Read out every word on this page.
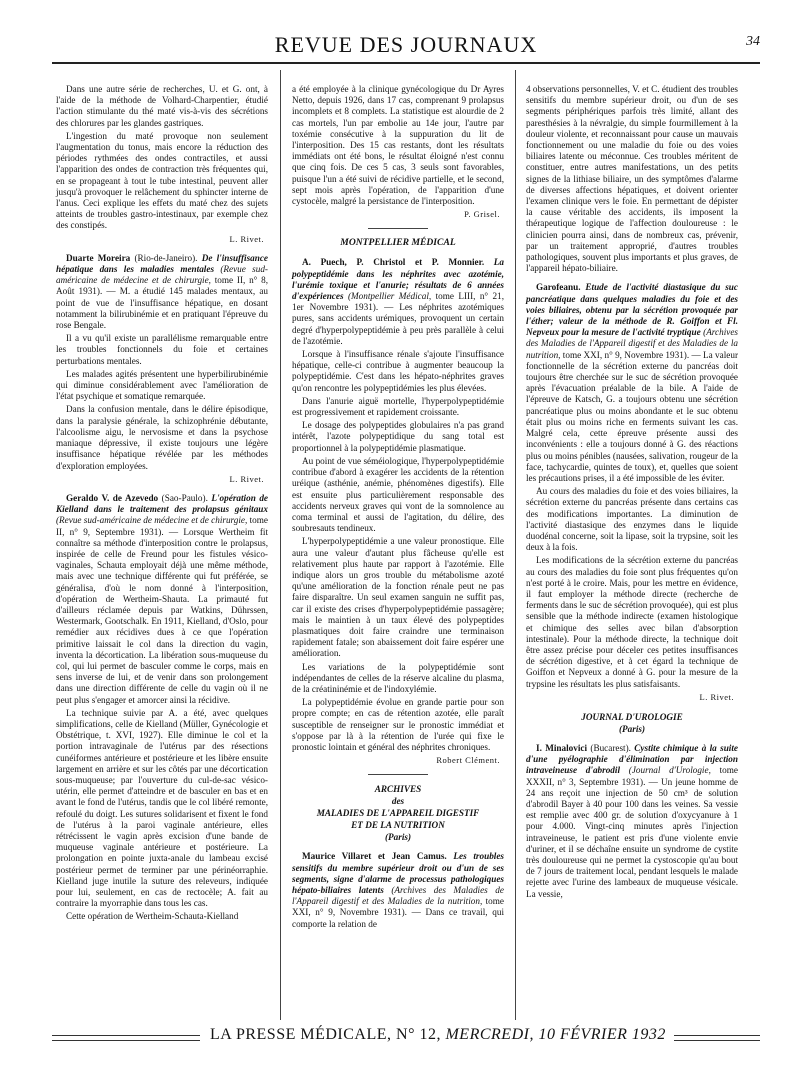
REVUE DES JOURNAUX	34

Dans une autre série de recherches, U. et G. ont, à l'aide de la méthode de Volhard-Charpentier, étudié l'action stimulante du thé maté vis-à-vis des sécrétions des chlorures par les glandes gastriques.

L'ingestion du maté provoque non seulement l'augmentation du tonus, mais encore la réduction des périodes rythmées des ondes contractiles, et aussi l'apparition des ondes de contraction très fréquentes qui, en se propageant à tout le tube intestinal, peuvent aller jusqu'à provoquer le relâchement du sphincter interne de l'anus. Ceci explique les effets du maté chez des sujets atteints de troubles gastro-intestinaux, par exemple chez des constipés.

L. Rivet.

Duarte Moreira (Rio-de-Janeiro). De l'insuffisance hépatique dans les maladies mentales (Revue sud-américaine de médecine et de chirurgie, tome II, n° 8, Août 1931). — M. a étudié 145 malades mentaux, au point de vue de l'insuffisance hépatique, en dosant notamment la bilirubinémie et en pratiquant l'épreuve du rose Bengale.

Il a vu qu'il existe un parallélisme remarquable entre les troubles fonctionnels du foie et certaines perturbations mentales.

Les malades agités présentent une hyperbilirubinémie qui diminue considérablement avec l'amélioration de l'état psychique et somatique remarquée.

Dans la confusion mentale, dans le délire épisodique, dans la paralysie générale, la schizophrénie débutante, l'alcoolisme aigu, le nervosisme et dans la psychose maniaque dépressive, il existe toujours une légère insuffisance hépatique révélée par les méthodes d'exploration employées.

L. Rivet.

Geraldo V. de Azevedo (Sao-Paulo). L'opération de Kielland dans le traitement des prolapsus génitaux (Revue sud-américaine de médecine et de chirurgie, tome II, n° 9, Septembre 1931). — Lorsque Wertheim fit connaître sa méthode d'interposition contre le prolapsus, inspirée de celle de Freund pour les fistules vésico-vaginales, Schauta employait déjà une même méthode, mais avec une technique différente qui fut préférée, se généralisa, d'où le nom donné à l'interposition, d'opération de Wertheim-Shauta. La primauté fut d'ailleurs réclamée depuis par Watkins, Dührssen, Westermark, Gootschalk. En 1911, Kielland, d'Oslo, pour remédier aux récidives dues à ce que l'opération primitive laissait le col dans la direction du vagin, inventa la décortication. La libération sous-muqueuse du col, qui lui permet de basculer comme le corps, mais en sens inverse de lui, et de venir dans son prolongement dans une direction différente de celle du vagin où il ne peut plus s'engager et amorcer ainsi la récidive.

La technique suivie par A. a été, avec quelques simplifications, celle de Kielland (Müller, Gynécologie et Obstétrique, t. XVI, 1927). Elle diminue le col et la portion intravaginale de l'utérus par des résections cunéiformes antérieure et postérieure et les libère ensuite largement en arrière et sur les côtés par une décortication sous-muqueuse; par l'ouverture du cul-de-sac vésico-utérin, elle permet d'atteindre et de basculer en bas et en avant le fond de l'utérus, tandis que le col libéré remonte, refoulé du doigt. Les sutures solidarisent et fixent le fond de l'utérus à la paroi vaginale antérieure, elles rétrécissent le vagin après excision d'une bande de muqueuse vaginale antérieure et postérieure. La prolongation en pointe juxta-anale du lambeau excisé postérieur permet de terminer par une périnéorraphie. Kielland juge inutile la suture des releveurs, indiquée pour lui, seulement, en cas de rectocèle; A. fait au contraire la myorraphie dans tous les cas.

Cette opération de Wertheim-Schauta-Kielland

a été employée à la clinique gynécologique du Dr Ayres Netto, depuis 1926, dans 17 cas, comprenant 9 prolapsus incomplets et 8 complets. La statistique est alourdie de 2 cas mortels, l'un par embolie au 14e jour, l'autre par toxémie consécutive à la suppuration du lit de l'interposition. Des 15 cas restants, dont les résultats immédiats ont été bons, le résultat éloigné n'est connu que cinq fois. De ces 5 cas, 3 seuls sont favorables, puisque l'un a été suivi de récidive partielle, et le second, sept mois après l'opération, de l'apparition d'une cystocèle, malgré la persistance de l'interposition.

P. Grisel.
MONTPELLIER MÉDICAL

A. Puech, P. Christol et P. Monnier. La polypeptidémie dans les néphrites avec azotémie, l'urémie toxique et l'anurie; résultats de 6 années d'expériences (Montpellier Médical, tome LIII, n° 21, 1er Novembre 1931). — Les néphrites azotémiques pures, sans accidents urémiques, provoquent un certain degré d'hyperpolypeptidémie à peu près parallèle à celui de l'azotémie.

Lorsque à l'insuffisance rénale s'ajoute l'insuffisance hépatique, celle-ci contribue à augmenter beaucoup la polypeptidémie. C'est dans les hépato-néphrites graves qu'on rencontre les polypeptidémies les plus élevées.

Dans l'anurie aiguë mortelle, l'hyperpolypeptidémie est progressivement et rapidement croissante.

Le dosage des polypeptides globulaires n'a pas grand intérêt, l'azote polypeptidique du sang total est proportionnel à la polypeptidémie plasmatique.

Au point de vue séméiologique, l'hyperpolypeptidémie contribue d'abord à exagérer les accidents de la rétention uréique (asthénie, anémie, phénomènes digestifs). Elle est ensuite plus particulièrement responsable des accidents nerveux graves qui vont de la somnolence au coma terminal et aussi de l'agitation, du délire, des soubresauts tendineux.

L'hyperpolypeptidémie a une valeur pronostique. Elle aura une valeur d'autant plus fâcheuse qu'elle est relativement plus haute par rapport à l'azotémie. Elle indique alors un gros trouble du métabolisme azoté qu'une amélioration de la fonction rénale peut ne pas faire disparaître. Un seul examen sanguin ne suffit pas, car il existe des crises d'hyperpolypeptidémie passagère; mais le maintien à un taux élevé des polypeptides plasmatiques doit faire craindre une terminaison rapidement fatale; son abaissement doit faire espérer une amélioration.

Les variations de la polypeptidémie sont indépendantes de celles de la réserve alcaline du plasma, de la créatininémie et de l'indoxylémie.

La polypeptidémie évolue en grande partie pour son propre compte; en cas de rétention azotée, elle paraît susceptible de renseigner sur le pronostic immédiat et s'oppose par là à la rétention de l'urée qui fixe le pronostic lointain et général des néphrites chroniques.

Robert Clément.
ARCHIVES
des
MALADIES DE L'APPAREIL DIGESTIF
ET DE LA NUTRITION
(Paris)

Maurice Villaret et Jean Camus. Les troubles sensitifs du membre supérieur droit ou d'un de ses segments, signe d'alarme de processus pathologiques hépato-biliaires latents (Archives des Maladies de l'Appareil digestif et des Maladies de la nutrition, tome XXI, n° 9, Novembre 1931). — Dans ce travail, qui comporte la relation de

4 observations personnelles, V. et C. étudient des troubles sensitifs du membre supérieur droit, ou d'un de ses segments périphériques parfois très limité, allant des paresthésies à la névralgie, du simple fourmillement à la douleur violente, et reconnaissant pour cause un mauvais fonctionnement ou une maladie du foie ou des voies biliaires latente ou méconnue. Ces troubles méritent de constituer, entre autres manifestations, un des petits signes de la lithiase biliaire, un des symptômes d'alarme de diverses affections hépatiques, et doivent orienter l'examen clinique vers le foie. En permettant de dépister la cause véritable des accidents, ils imposent la thérapeutique logique de l'affection douloureuse : le clinicien pourra ainsi, dans de nombreux cas, prévenir, par un traitement approprié, d'autres troubles pathologiques, souvent plus importants et plus graves, de l'appareil hépato-biliaire.

Garofeanu. Etude de l'activité diastasique du suc pancréatique dans quelques maladies du foie et des voies biliaires, obtenu par la sécrétion provoquée par l'éther; valeur de la méthode de R. Goiffon et Fl. Nepveux pour la mesure de l'activité tryptique (Archives des Maladies de l'Appareil digestif et des Maladies de la nutrition, tome XXI, n° 9, Novembre 1931). — La valeur fonctionnelle de la sécrétion externe du pancréas doit toujours être cherchée sur le suc de sécrétion provoquée après l'évacuation préalable de la bile. A l'aide de l'épreuve de Katsch, G. a toujours obtenu une sécrétion pancréatique plus ou moins abondante et le suc obtenu était plus ou moins riche en ferments suivant les cas. Malgré cela, cette épreuve présente aussi des inconvénients : elle a toujours donné à G. des réactions plus ou moins pénibles (nausées, salivation, rougeur de la face, tachycardie, quintes de toux), et, quelles que soient les précautions prises, il a été impossible de les éviter.

Au cours des maladies du foie et des voies biliaires, la sécrétion externe du pancréas présente dans certains cas des modifications importantes. La diminution de l'activité diastasique des enzymes dans le liquide duodénal concerne, soit la lipase, soit la trypsine, soit les deux à la fois.

Les modifications de la sécrétion externe du pancréas au cours des maladies du foie sont plus fréquentes qu'on n'est porté à le croire. Mais, pour les mettre en évidence, il faut employer la méthode directe (recherche de ferments dans le suc de sécrétion provoquée), qui est plus sensible que la méthode indirecte (examen histologique et chimique des selles avec bilan d'absorption intestinale). Pour la méthode directe, la technique doit être assez précise pour déceler ces petites insuffisances de sécrétion digestive, et à cet égard la technique de Goiffon et Nepveux a donné à G. pour la mesure de la trypsine les résultats les plus satisfaisants.

L. Rivet.
JOURNAL D'UROLOGIE
(Paris)

I. Minalovici (Bucarest). Cystite chimique à la suite d'une pyélographie d'élimination par injection intraveineuse d'abrodil (Journal d'Urologie, tome XXXII, n° 3, Septembre 1931). — Un jeune homme de 24 ans reçoit une injection de 50 cm³ de solution d'abrodil Bayer à 40 pour 100 dans les veines. Sa vessie est remplie avec 400 gr. de solution d'oxycyanure à 1 pour 4.000. Vingt-cinq minutes après l'injection intraveineuse, le patient est pris d'une violente envie d'uriner, et il se déchaîne ensuite un syndrome de cystite très douloureuse qui ne permet la cystoscopie qu'au bout de 7 jours de traitement local, pendant lesquels le malade rejette avec l'urine des lambeaux de muqueuse vésicale. La vessie,

LA PRESSE MÉDICALE, N° 12, MERCREDI, 10 FÉVRIER 1932
